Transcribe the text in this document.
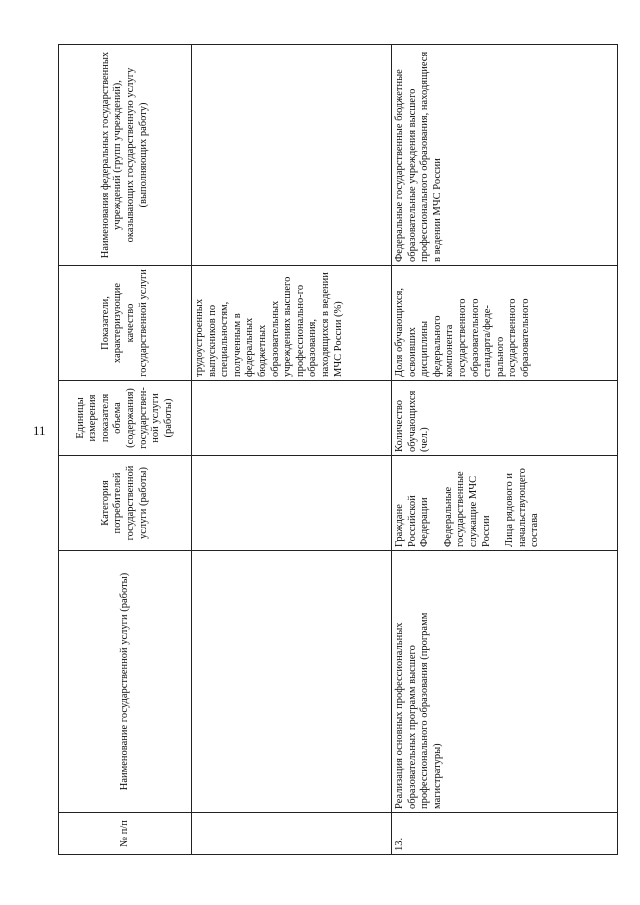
11
№ п/п	Наименование государственной услуги (работы)	Категория потребителей государственной услуги (работы)	Единицы измерения показателя объема (содержания) государствен-ной услуги (работы)	Показатели, характеризующие качество государственной услуги	Наименования федеральных государственных учреждений (групп учреждений), оказывающих государственную услугу (выполняющих работу)
				трудоустроенных выпускников по специальностям, полученным в федеральных бюджетных образовательных учреждениях высшего профессионально-го образования, находящихся в ведении МЧС России (%)	
13.	Реализация основных профессиональных образовательных программ высшего профессионального образования (программ магистратуры)	Граждане Российской Федерации Федеральные государственные служащие МЧС России Лица рядового и начальствующего состава	Количество обучающихся (чел.)	Доля обучающихся, освоивших дисциплины федерального компонента государственного образовательного стандарта/феде-рального государственного образовательного	Федеральные государственные бюджетные образовательные учреждения высшего профессионального образования, находящиеся в ведении МЧС России
